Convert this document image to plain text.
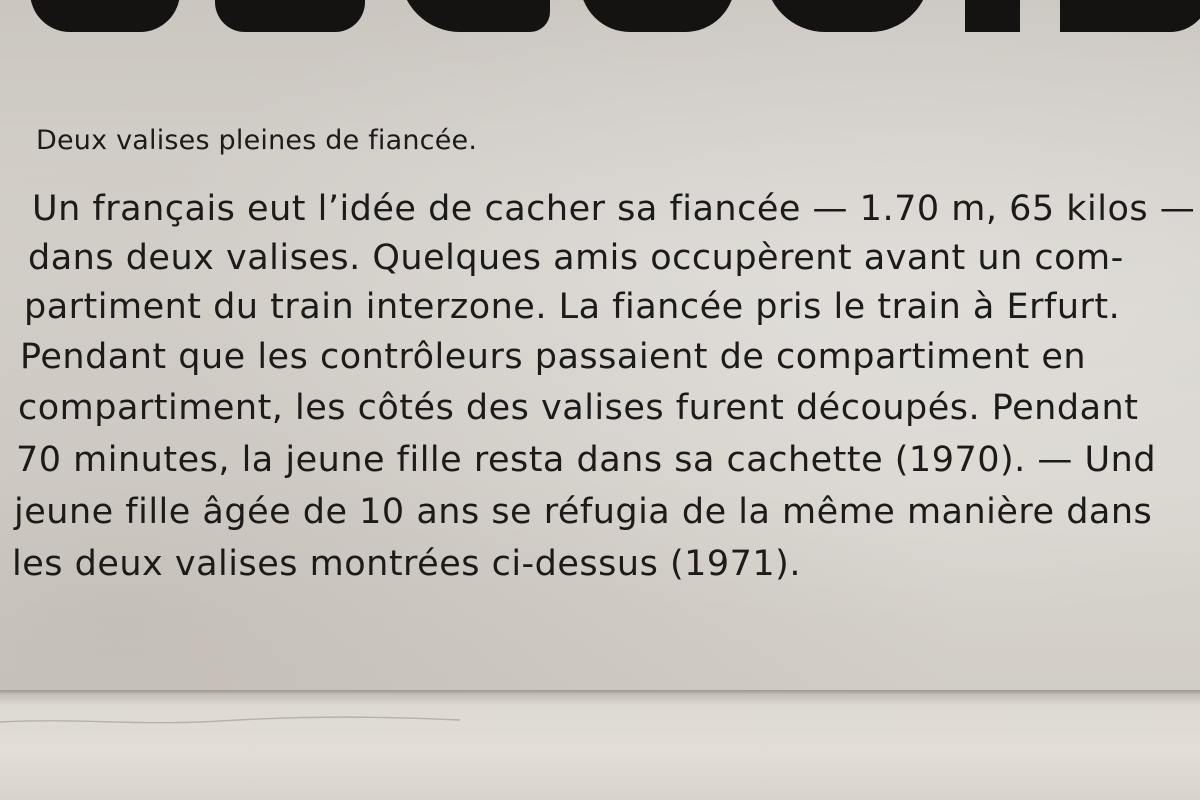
Deux valises pleines de fiancée.
Un français eut l’idée de cacher sa fiancée — 1.70 m, 65 kilos —
dans deux valises. Quelques amis occupèrent avant un com-
partiment du train interzone. La fiancée pris le train à Erfurt.
Pendant que les contrôleurs passaient de compartiment en
compartiment, les côtés des valises furent découpés. Pendant
70 minutes, la jeune fille resta dans sa cachette (1970). — Und
jeune fille âgée de 10 ans se réfugia de la même manière dans
les deux valises montrées ci-dessus (1971).
